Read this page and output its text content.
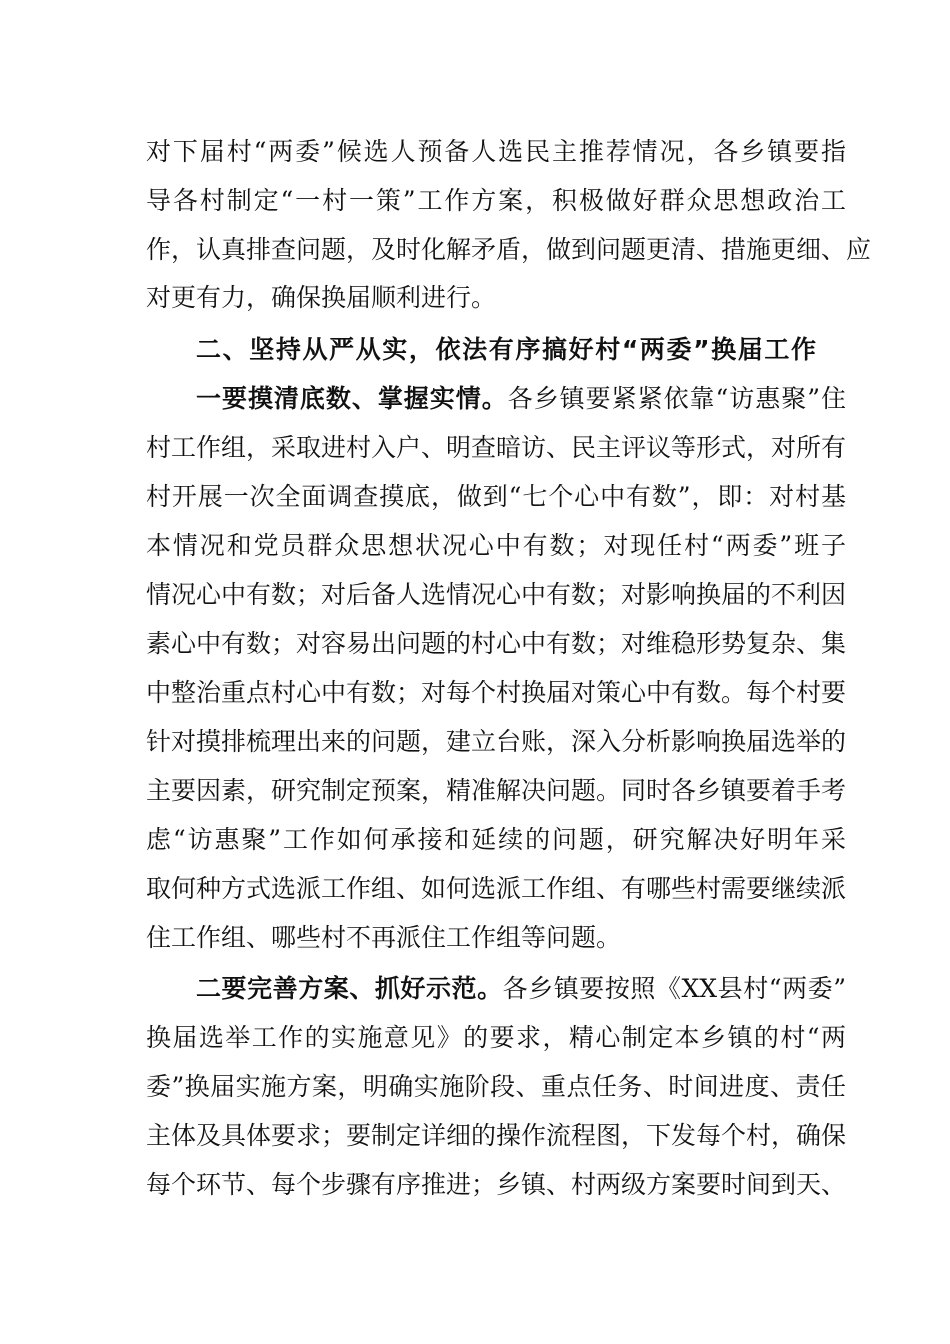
对下届村“两委”候选人预备人选民主推荐情况，各乡镇要指
导各村制定“一村一策”工作方案，积极做好群众思想政治工
作，认真排查问题，及时化解矛盾，做到问题更清、措施更细、应
对更有力，确保换届顺利进行。
二、坚持从严从实，依法有序搞好村“两委”换届工作
一要摸清底数、掌握实情。各乡镇要紧紧依靠“访惠聚”住
村工作组，采取进村入户、明查暗访、民主评议等形式，对所有
村开展一次全面调查摸底，做到“七个心中有数”，即：对村基
本情况和党员群众思想状况心中有数；对现任村“两委”班子
情况心中有数；对后备人选情况心中有数；对影响换届的不利因
素心中有数；对容易出问题的村心中有数；对维稳形势复杂、集
中整治重点村心中有数；对每个村换届对策心中有数。每个村要
针对摸排梳理出来的问题，建立台账，深入分析影响换届选举的
主要因素，研究制定预案，精准解决问题。同时各乡镇要着手考
虑“访惠聚”工作如何承接和延续的问题，研究解决好明年采
取何种方式选派工作组、如何选派工作组、有哪些村需要继续派
住工作组、哪些村不再派住工作组等问题。
二要完善方案、抓好示范。各乡镇要按照《XX县村“两委”
换届选举工作的实施意见》的要求，精心制定本乡镇的村“两
委”换届实施方案，明确实施阶段、重点任务、时间进度、责任
主体及具体要求；要制定详细的操作流程图，下发每个村，确保
每个环节、每个步骤有序推进；乡镇、村两级方案要时间到天、
